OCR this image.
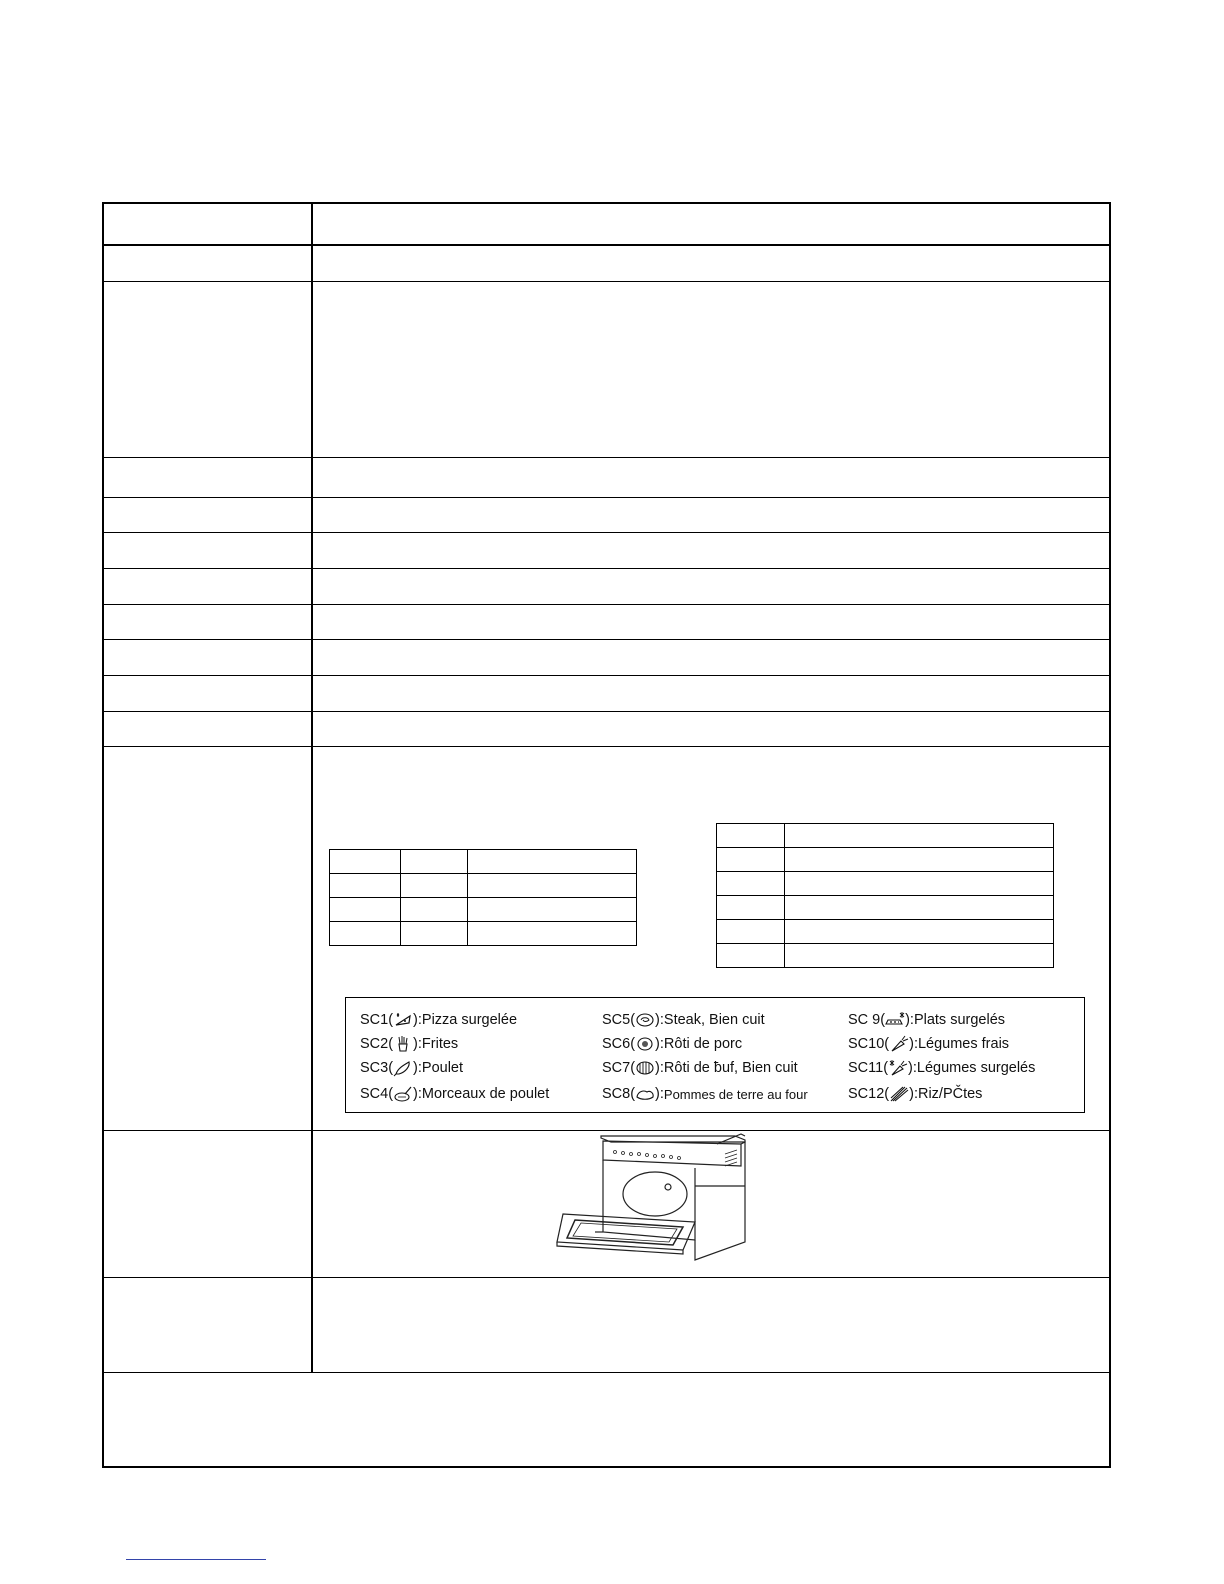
SC1( ): Pizza surgelée
SC2( ): Frites
SC3( ): Poulet
SC4( ): Morceaux de poulet
SC5( ): Steak, Bien cuit
SC6( ): Rôti de porc
SC7( ): Rôti de ƀuf, Bien cuit
SC8( ): Pommes de terre au four
SC 9( ): Plats surgelés
SC10( ): Légumes frais
SC11( ): Légumes surgelés
SC12( ): Riz/PČtes
